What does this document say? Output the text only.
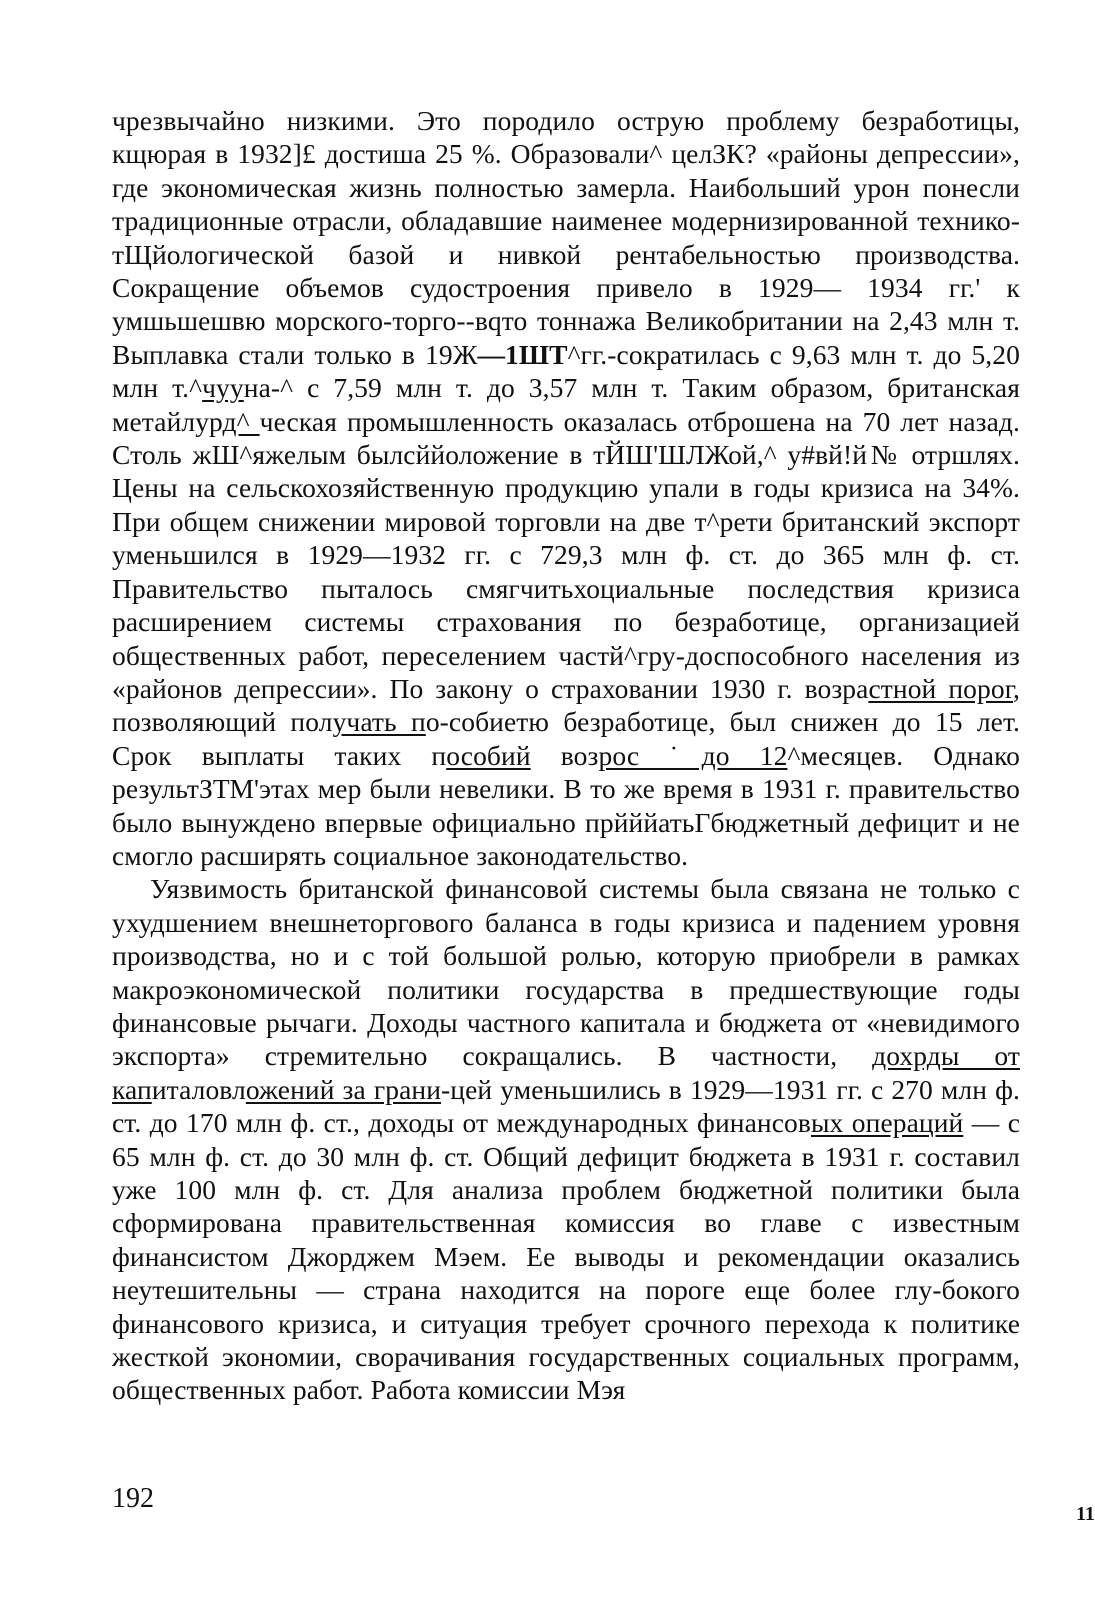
чрезвычайно низкими. Это породило острую проблему безработицы, кщюрая в 1932]£ достиша 25 %. Образовали^ целЗК? «районы депрессии», где экономическая жизнь полностью замерла. Наибольший урон понесли традиционные отрасли, обладавшие наименее модернизированной технико-тЩйологической базой и нивкой рентабельностью производства. Сокращение объемов судостроения привело в 1929— 1934 гг.' к умшьшешвю морского-торго--вqто тоннажа Великобритании на 2,43 млн т. Выплавка стали только в 19Ж—1ШТ^гг.-сократилась с 9,63 млн т. до 5,20 млн т.^чууна-^ с 7,59 млн т. до 3,57 млн т. Таким образом, британская метайлурд^ ческая промышленность оказалась отброшена на 70 лет назад. Столь жШ^яжелым былсййоложение в тЙШ'ШЛЖой,^ у#вй!й№ отршлях. Цены на сельскохозяйственную продукцию упали в годы кризиса на 34%. При общем снижении мировой торговли на две т^рети британский экспорт уменьшился в 1929—1932 гг. с 729,3 млн ф. ст. до 365 млн ф. ст. Правительство пыталось смягчитьхоциальные последствия кризиса расширением системы страхования по безработице, организацией общественных работ, переселением частй^гру-доспособного населения из «районов депрессии». По закону о страховании 1930 г. возрастной порог, позволяющий получать по-собиетю безработице, был снижен до 15 лет. Срок выплаты таких пособий возрос ˙до 12^месяцев. Однако результЗТМ'этах мер были невелики. В то же время в 1931 г. правительство было вынуждено впервые официально прйййатьГбюджетный дефицит и не смогло расширять социальное законодательство.

Уязвимость британской финансовой системы была связана не только с ухудшением внешнеторгового баланса в годы кризиса и падением уровня производства, но и с той большой ролью, которую приобрели в рамках макроэкономической политики государства в предшествующие годы финансовые рычаги. Доходы частного капитала и бюджета от «невидимого экспорта» стремительно сокращались. В частности, дохрды от капиталовложений за грани-цей уменьшились в 1929—1931 гг. с 270 млн ф. ст. до 170 млн ф. ст., доходы от международных финансовых операций — с 65 млн ф. ст. до 30 млн ф. ст. Общий дефицит бюджета в 1931 г. составил уже 100 млн ф. ст. Для анализа проблем бюджетной политики была сформирована правительственная комиссия во главе с известным финансистом Джорджем Мэем. Ее выводы и рекомендации оказались неутешительны — страна находится на пороге еще более глу-бокого финансового кризиса, и ситуация требует срочного перехода к политике жесткой экономии, сворачивания государственных социальных программ, общественных работ. Работа комиссии Мэя

192	11
